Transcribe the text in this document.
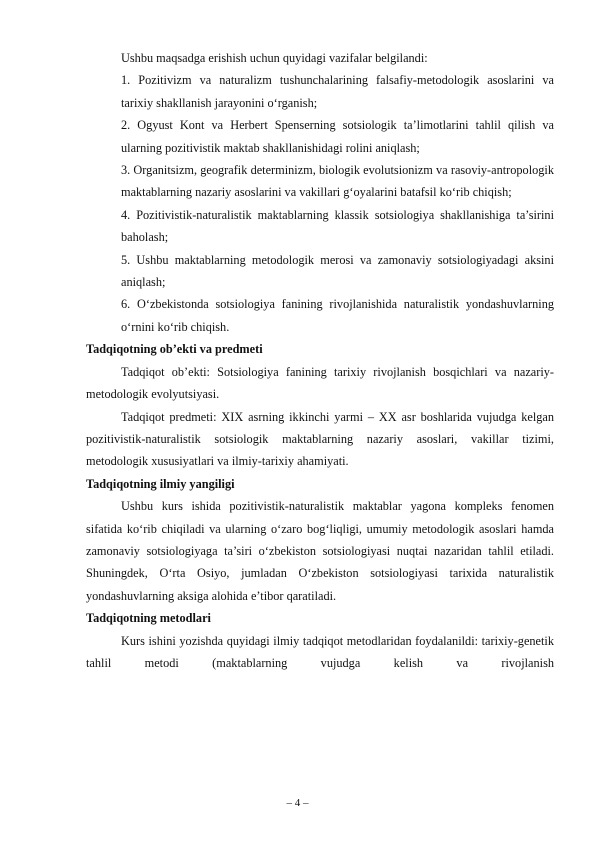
Ushbu maqsadga erishish uchun quyidagi vazifalar belgilandi:

1. Pozitivizm va naturalizm tushunchalarining falsafiy-metodologik asoslarini va tarixiy shakllanish jarayonini o‘rganish;

2. Ogyust Kont va Herbert Spenserning sotsiologik ta’limotlarini tahlil qilish va ularning pozitivistik maktab shakllanishidagi rolini aniqlash;

3. Organitsizm, geografik determinizm, biologik evolutsionizm va rasoviy-antropologik maktablarning nazariy asoslarini va vakillari g‘oyalarini batafsil ko‘rib chiqish;

4. Pozitivistik-naturalistik maktablarning klassik sotsiologiya shakllanishiga ta’sirini baholash;

5. Ushbu maktablarning metodologik merosi va zamonaviy sotsiologiyadagi aksini aniqlash;

6. O‘zbekistonda sotsiologiya fanining rivojlanishida naturalistik yondashuvlarning o‘rnini ko‘rib chiqish.

Tadqiqotning ob’ekti va predmeti

Tadqiqot ob’ekti: Sotsiologiya fanining tarixiy rivojlanish bosqichlari va nazariy-metodologik evolyutsiyasi.

Tadqiqot predmeti: XIX asrning ikkinchi yarmi – XX asr boshlarida vujudga kelgan pozitivistik-naturalistik sotsiologik maktablarning nazariy asoslari, vakillar tizimi, metodologik xususiyatlari va ilmiy-tarixiy ahamiyati.

Tadqiqotning ilmiy yangiligi

Ushbu kurs ishida pozitivistik-naturalistik maktablar yagona kompleks fenomen sifatida ko‘rib chiqiladi va ularning o‘zaro bog‘liqligi, umumiy metodologik asoslari hamda zamonaviy sotsiologiyaga ta’siri o‘zbekiston sotsiologiyasi nuqtai nazaridan tahlil etiladi. Shuningdek, O‘rta Osiyo, jumladan O‘zbekiston sotsiologiyasi tarixida naturalistik yondashuvlarning aksiga alohida e’tibor qaratiladi.

Tadqiqotning metodlari

Kurs ishini yozishda quyidagi ilmiy tadqiqot metodlaridan foydalanildi: tarixiy-genetik tahlil metodi (maktablarning vujudga kelish va rivojlanish

– 4 –
